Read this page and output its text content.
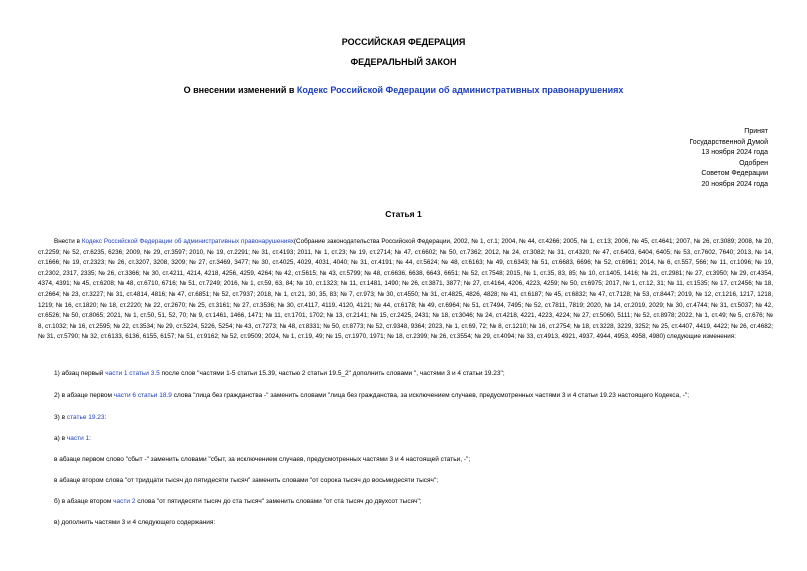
РОССИЙСКАЯ ФЕДЕРАЦИЯ
ФЕДЕРАЛЬНЫЙ ЗАКОН
О внесении изменений в Кодекс Российской Федерации об административных правонарушениях
Принят
Государственной Думой
13 ноября 2024 года
Одобрен
Советом Федерации
20 ноября 2024 года
Статья 1
Внести в Кодекс Российской Федерации об административных правонарушениях(Собрание законодательства Российской Федерации, 2002, № 1, ст.1; 2004, № 44, ст.4266; 2005, № 1, ст.13; 2006, № 45, ст.4641; 2007, № 26, ст.3089; 2008, № 20, ст.2259; № 52, ст.6235, 6236; 2009, № 29, ст.3597; 2010, № 19, ст.2291; № 31, ст.4193; 2011, № 1, ст.23; № 19, ст.2714; № 47, ст.6602; № 50, ст.7362; 2012, № 24, ст.3082; № 31, ст.4320; № 47, ст.6403, 6404, 6405; № 53, ст.7602, 7640; 2013, № 14, ст.1666; № 19, ст.2323; № 26, ст.3207, 3208, 3209; № 27, ст.3469, 3477; № 30, ст.4025, 4029, 4031, 4040; № 31, ст.4191; № 44, ст.5624; № 48, ст.6163; № 49, ст.6343; № 51, ст.6683, 6696; № 52, ст.6961; 2014, № 6, ст.557, 566; № 11, ст.1096; № 19, ст.2302, 2317, 2335; № 26, ст.3366; № 30, ст.4211, 4214, 4218, 4256, 4259, 4264; № 42, ст.5615; № 43, ст.5799; № 48, ст.6636, 6638, 6643, 6651; № 52, ст.7548; 2015, № 1, ст.35, 83, 85; № 10, ст.1405, 1416; № 21, ст.2981; № 27, ст.3950; № 29, ст.4354, 4374, 4391; № 45, ст.6208; № 48, ст.6710, 6716; № 51, ст.7249; 2016, № 1, ст.59, 63, 84; № 10, ст.1323; № 11, ст.1481, 1490; № 26, ст.3871, 3877; № 27, ст.4164, 4206, 4223, 4259; № 50, ст.6975; 2017, № 1, ст.12, 31; № 11, ст.1535; № 17, ст.2456; № 18, ст.2664; № 23, ст.3227; № 31, ст.4814, 4816; № 47, ст.6851; № 52, ст.7937; 2018, № 1, ст.21, 30, 35, 83; № 7, ст.973; № 30, ст.4550; № 31, ст.4825, 4826, 4828; № 41, ст.6187; № 45, ст.6832; № 47, ст.7128; № 53, ст.8447; 2019, № 12, ст.1216, 1217, 1218, 1219; № 16, ст.1820; № 18, ст.2220; № 22, ст.2670; № 25, ст.3161; № 27, ст.3536; № 30, ст.4117, 4119, 4120, 4121; № 44, ст.6178; № 49, ст.6964; № 51, ст.7494, 7495; № 52, ст.7811, 7819; 2020, № 14, ст.2019, 2029; № 30, ст.4744; № 31, ст.5037; № 42, ст.6526; № 50, ст.8065; 2021, № 1, ст.50, 51, 52, 70; № 9, ст.1461, 1466, 1471; № 11, ст.1701, 1702; № 13, ст.2141; № 15, ст.2425, 2431; № 18, ст.3046; № 24, ст.4218, 4221, 4223, 4224; № 27, ст.5060, 5111; № 52, ст.8978; 2022, № 1, ст.49; № 5, ст.676; № 8, ст.1032; № 16, ст.2595; № 22, ст.3534; № 29, ст.5224, 5226, 5254; № 43, ст.7273; № 48, ст.8331; № 50, ст.8773; № 52, ст.9348, 9364; 2023, № 1, ст.69, 72; № 8, ст.1210; № 16, ст.2754; № 18, ст.3228, 3229, 3252; № 25, ст.4407, 4419, 4422; № 26, ст.4682; № 31, ст.5790; № 32, ст.6133, 6136, 6155, 6157; № 51, ст.9162; № 52, ст.9509; 2024, № 1, ст.19, 49; № 15, ст.1970, 1971; № 18, ст.2399; № 26, ст.3554; № 29, ст.4094; № 33, ст.4913, 4921, 4937, 4944, 4953, 4958, 4980) следующие изменения:
1) абзац первый части 1 статьи 3.5 после слов "частями 1-5 статьи 15.39, частью 2 статьи 19.5_2" дополнить словами ", частями 3 и 4 статьи 19.23";
2) в абзаце первом части 6 статьи 18.9 слова "лица без гражданства -" заменить словами "лица без гражданства, за исключением случаев, предусмотренных частями 3 и 4 статьи 19.23 настоящего Кодекса, -";
3) в статье 19.23:
а) в части 1:
в абзаце первом слово "сбыт -" заменить словами "сбыт, за исключением случаев, предусмотренных частями 3 и 4 настоящей статьи, -";
в абзаце втором слова "от тридцати тысяч до пятидесяти тысяч" заменить словами "от сорока тысяч до восьмидесяти тысяч";
б) в абзаце втором части 2 слова "от пятидесяти тысяч до ста тысяч" заменить словами "от ста тысяч до двухсот тысяч";
в) дополнить частями 3 и 4 следующего содержания:
